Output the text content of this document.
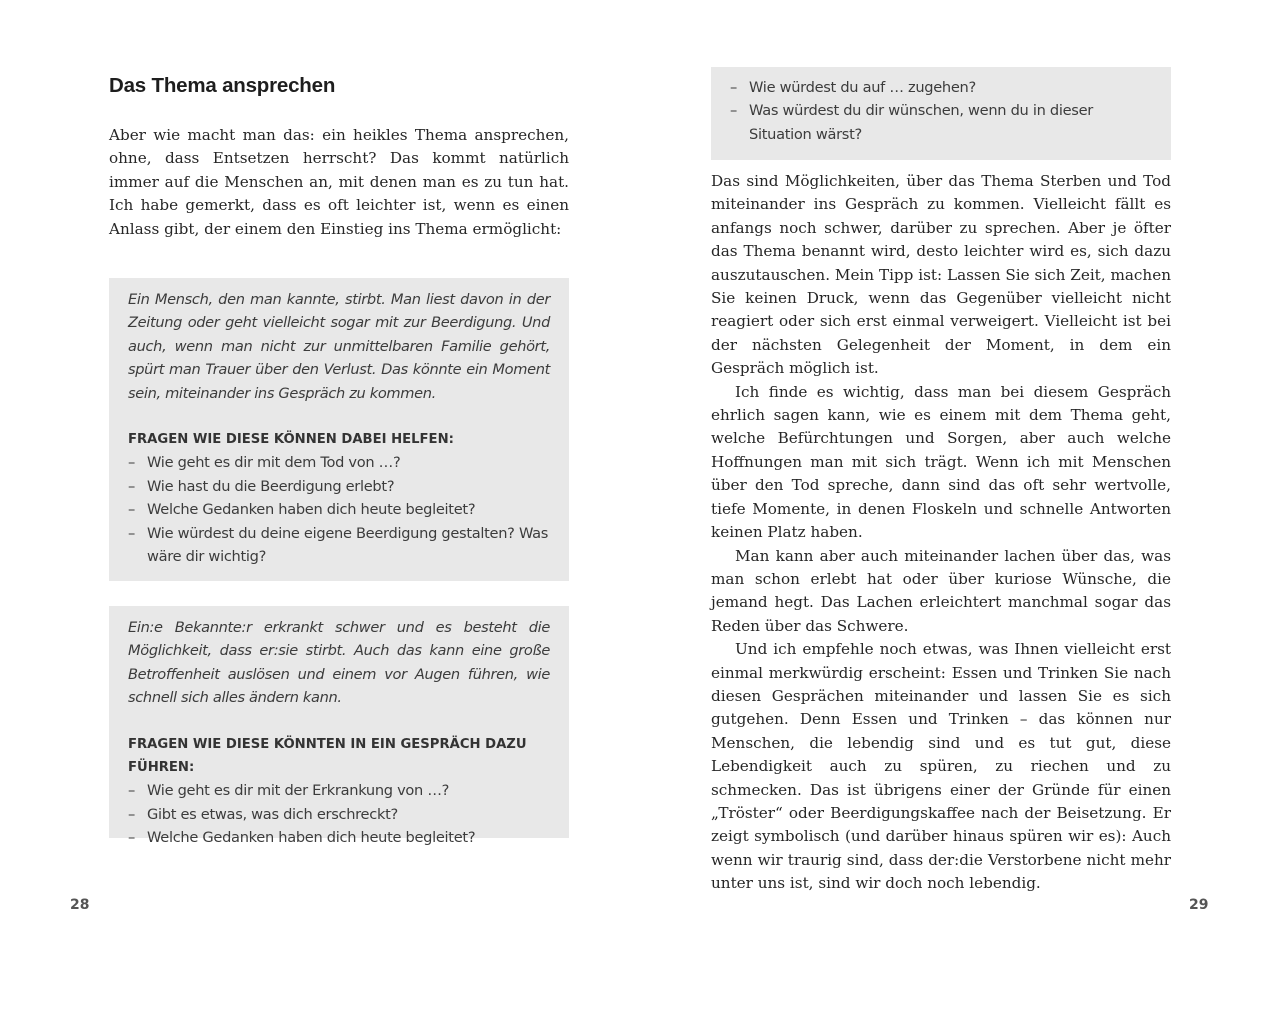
Das Thema ansprechen

Aber wie macht man das: ein heikles Thema ansprechen, ohne, dass Entsetzen herrscht? Das kommt natürlich immer auf die Menschen an, mit denen man es zu tun hat. Ich habe gemerkt, dass es oft leichter ist, wenn es einen Anlass gibt, der einem den Einstieg ins Thema ermöglicht:

Ein Mensch, den man kannte, stirbt. Man liest davon in der Zeitung oder geht vielleicht sogar mit zur Beerdigung. Und auch, wenn man nicht zur unmittelbaren Familie gehört, spürt man Trauer über den Verlust. Das könnte ein Moment sein, miteinander ins Gespräch zu kommen.

FRAGEN WIE DIESE KÖNNEN DABEI HELFEN:

– Wie geht es dir mit dem Tod von …?
– Wie hast du die Beerdigung erlebt?
– Welche Gedanken haben dich heute begleitet?
– Wie würdest du deine eigene Beerdigung gestalten? Was wäre dir wichtig?

Ein:e Bekannte:r erkrankt schwer und es besteht die Möglichkeit, dass er:sie stirbt. Auch das kann eine große Betroffenheit auslösen und einem vor Augen führen, wie schnell sich alles ändern kann.

FRAGEN WIE DIESE KÖNNTEN IN EIN GESPRÄCH DAZU FÜHREN:

– Wie geht es dir mit der Erkrankung von …?
– Gibt es etwas, was dich erschreckt?
– Welche Gedanken haben dich heute begleitet?
28
– Wie würdest du auf … zugehen?
– Was würdest du dir wünschen, wenn du in dieser Situation wärst?

Das sind Möglichkeiten, über das Thema Sterben und Tod miteinander ins Gespräch zu kommen. Vielleicht fällt es anfangs noch schwer, darüber zu sprechen. Aber je öfter das Thema benannt wird, desto leichter wird es, sich dazu auszutauschen. Mein Tipp ist: Lassen Sie sich Zeit, machen Sie keinen Druck, wenn das Gegenüber vielleicht nicht reagiert oder sich erst einmal verweigert. Vielleicht ist bei der nächsten Gelegenheit der Moment, in dem ein Gespräch möglich ist.

Ich finde es wichtig, dass man bei diesem Gespräch ehrlich sagen kann, wie es einem mit dem Thema geht, welche Befürchtungen und Sorgen, aber auch welche Hoffnungen man mit sich trägt. Wenn ich mit Menschen über den Tod spreche, dann sind das oft sehr wertvolle, tiefe Momente, in denen Floskeln und schnelle Antworten keinen Platz haben.

Man kann aber auch miteinander lachen über das, was man schon erlebt hat oder über kuriose Wünsche, die jemand hegt. Das Lachen erleichtert manchmal sogar das Reden über das Schwere.

Und ich empfehle noch etwas, was Ihnen vielleicht erst einmal merkwürdig erscheint: Essen und Trinken Sie nach diesen Gesprächen miteinander und lassen Sie es sich gutgehen. Denn Essen und Trinken – das können nur Menschen, die lebendig sind und es tut gut, diese Lebendigkeit auch zu spüren, zu riechen und zu schmecken. Das ist übrigens einer der Gründe für einen „Tröster“ oder Beerdigungskaffee nach der Beisetzung. Er zeigt symbolisch (und darüber hinaus spüren wir es): Auch wenn wir traurig sind, dass der:die Verstorbene nicht mehr unter uns ist, sind wir doch noch lebendig.

29
